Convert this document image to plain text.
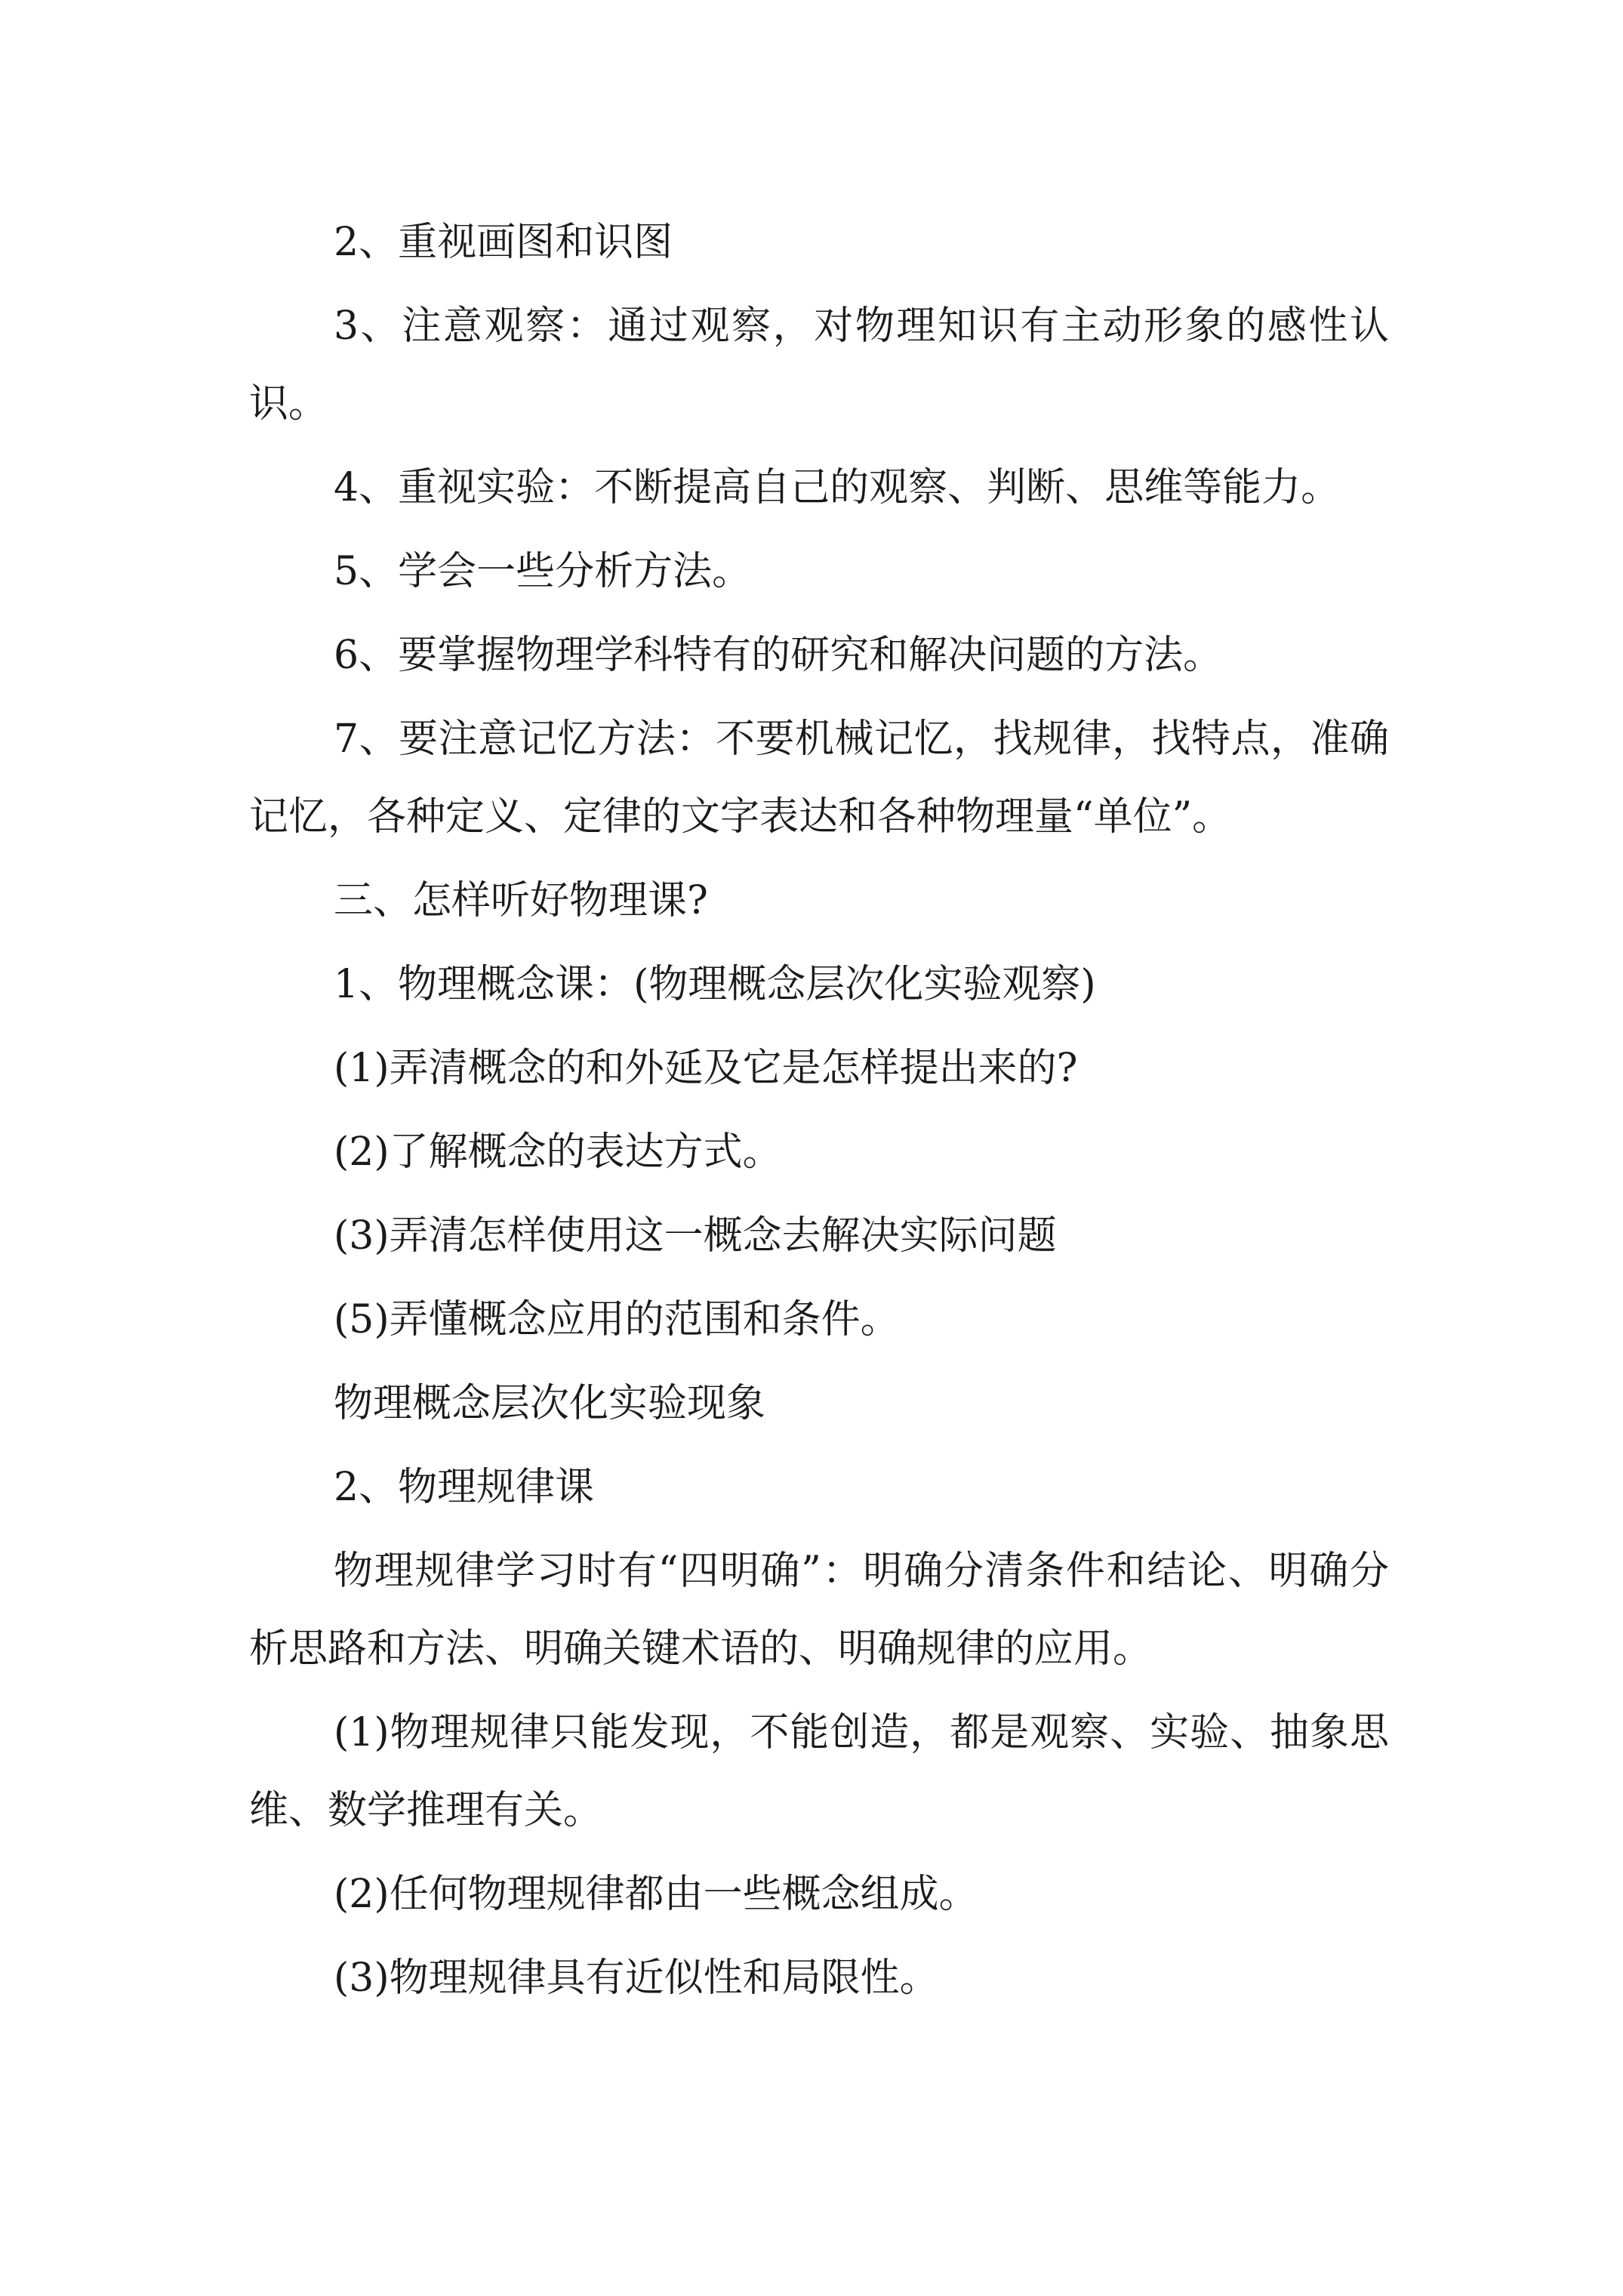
2、重视画图和识图

3、注意观察：通过观察，对物理知识有主动形象的感性认识。

4、重视实验：不断提高自己的观察、判断、思维等能力。

5、学会一些分析方法。

6、要掌握物理学科特有的研究和解决问题的方法。

7、要注意记忆方法：不要机械记忆，找规律，找特点，准确记忆，各种定义、定律的文字表达和各种物理量“单位”。

三、怎样听好物理课?

1、物理概念课：(物理概念层次化实验观察)

(1)弄清概念的和外延及它是怎样提出来的?

(2)了解概念的表达方式。

(3)弄清怎样使用这一概念去解决实际问题

(5)弄懂概念应用的范围和条件。

物理概念层次化实验现象

2、物理规律课

物理规律学习时有“四明确”：明确分清条件和结论、明确分析思路和方法、明确关键术语的、明确规律的应用。

(1)物理规律只能发现，不能创造，都是观察、实验、抽象思维、数学推理有关。

(2)任何物理规律都由一些概念组成。

(3)物理规律具有近似性和局限性。
